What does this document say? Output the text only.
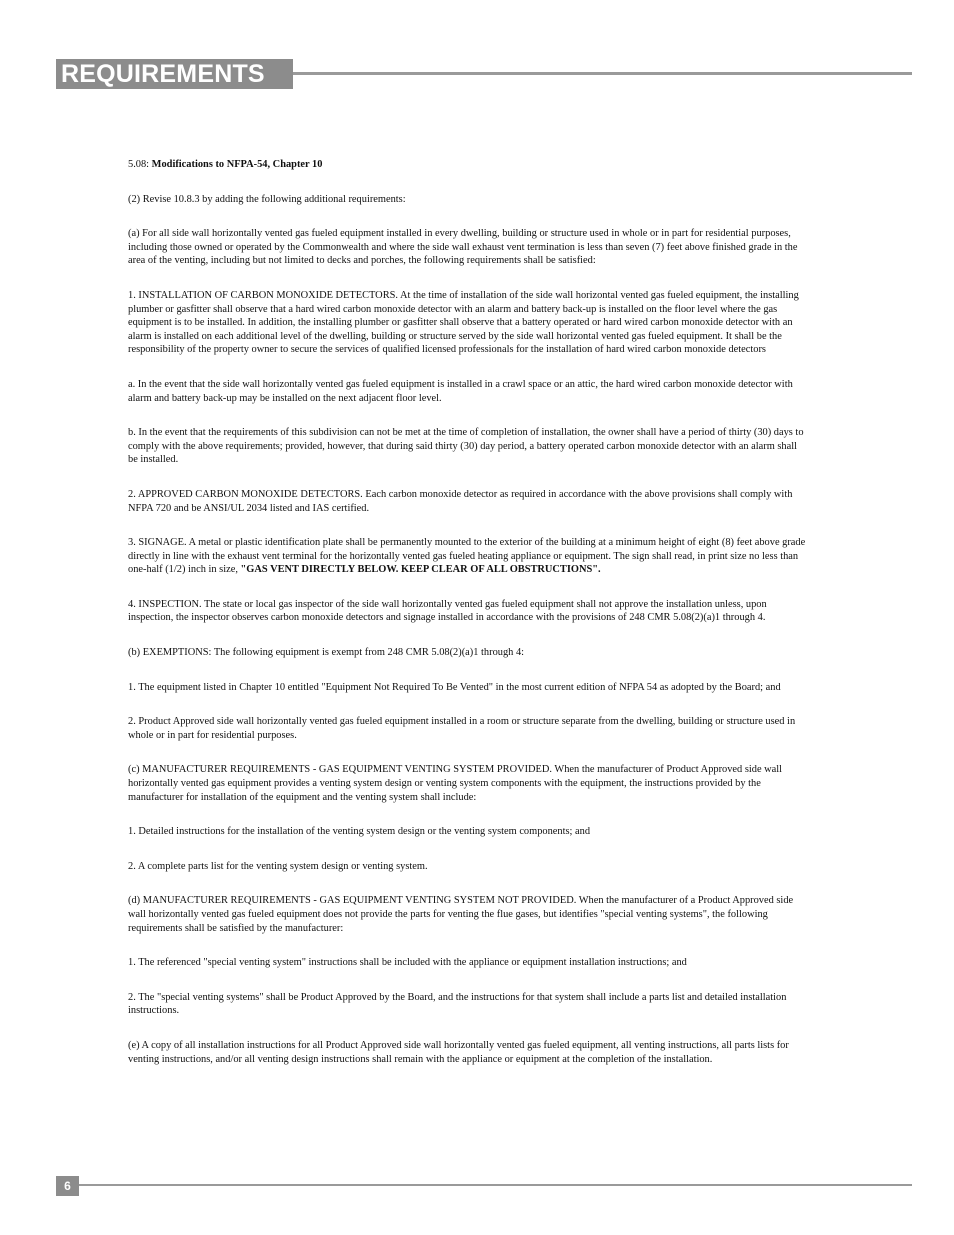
REQUIREMENTS

5.08: Modifications to NFPA-54, Chapter 10

(2) Revise 10.8.3 by adding the following additional requirements:

(a) For all side wall horizontally vented gas fueled equipment installed in every dwelling, building or structure used in whole or in part for residential purposes, including those owned or operated by the Commonwealth and where the side wall exhaust vent termination is less than seven (7) feet above finished grade in the area of the venting, including but not limited to decks and porches, the following requirements shall be satisfied:

1. INSTALLATION OF CARBON MONOXIDE DETECTORS. At the time of installation of the side wall horizontal vented gas fueled equipment, the installing plumber or gasfitter shall observe that a hard wired carbon monoxide detector with an alarm and battery back-up is installed on the floor level where the gas equipment is to be installed. In addition, the installing plumber or gasfitter shall observe that a battery operated or hard wired carbon monoxide detector with an alarm is installed on each additional level of the dwelling, building or structure served by the side wall horizontal vented gas fueled equipment. It shall be the responsibility of the property owner to secure the services of qualified licensed professionals for the installation of hard wired carbon monoxide detectors

a. In the event that the side wall horizontally vented gas fueled equipment is installed in a crawl space or an attic, the hard wired carbon monoxide detector with alarm and battery back-up may be installed on the next adjacent floor level.

b. In the event that the requirements of this subdivision can not be met at the time of completion of installation, the owner shall have a period of thirty (30) days to comply with the above requirements; provided, however, that during said thirty (30) day period, a battery operated carbon monoxide detector with an alarm shall be installed.

2. APPROVED CARBON MONOXIDE DETECTORS. Each carbon monoxide detector as required in accordance with the above provisions shall comply with NFPA 720 and be ANSI/UL 2034 listed and IAS certified.

3. SIGNAGE. A metal or plastic identification plate shall be permanently mounted to the exterior of the building at a minimum height of eight (8) feet above grade directly in line with the exhaust vent terminal for the horizontally vented gas fueled heating appliance or equipment. The sign shall read, in print size no less than one-half (1/2) inch in size, "GAS VENT DIRECTLY BELOW. KEEP CLEAR OF ALL OBSTRUCTIONS".

4. INSPECTION. The state or local gas inspector of the side wall horizontally vented gas fueled equipment shall not approve the installation unless, upon inspection, the inspector observes carbon monoxide detectors and signage installed in accordance with the provisions of 248 CMR 5.08(2)(a)1 through 4.

(b) EXEMPTIONS: The following equipment is exempt from 248 CMR 5.08(2)(a)1 through 4:

1. The equipment listed in Chapter 10 entitled "Equipment Not Required To Be Vented" in the most current edition of NFPA 54 as adopted by the Board; and

2. Product Approved side wall horizontally vented gas fueled equipment installed in a room or structure separate from the dwelling, building or structure used in whole or in part for residential purposes.

(c) MANUFACTURER REQUIREMENTS - GAS EQUIPMENT VENTING SYSTEM PROVIDED. When the manufacturer of Product Approved side wall horizontally vented gas equipment provides a venting system design or venting system components with the equipment, the instructions provided by the manufacturer for installation of the equipment and the venting system shall include:

1. Detailed instructions for the installation of the venting system design or the venting system components; and

2. A complete parts list for the venting system design or venting system.

(d) MANUFACTURER REQUIREMENTS - GAS EQUIPMENT VENTING SYSTEM NOT PROVIDED. When the manufacturer of a Product Approved side wall horizontally vented gas fueled equipment does not provide the parts for venting the flue gases, but identifies "special venting systems", the following requirements shall be satisfied by the manufacturer:

1. The referenced "special venting system" instructions shall be included with the appliance or equipment installation instructions; and

2. The "special venting systems" shall be Product Approved by the Board, and the instructions for that system shall include a parts list and detailed installation instructions.

(e) A copy of all installation instructions for all Product Approved side wall horizontally vented gas fueled equipment, all venting instructions, all parts lists for venting instructions, and/or all venting design instructions shall remain with the appliance or equipment at the completion of the installation.

6
